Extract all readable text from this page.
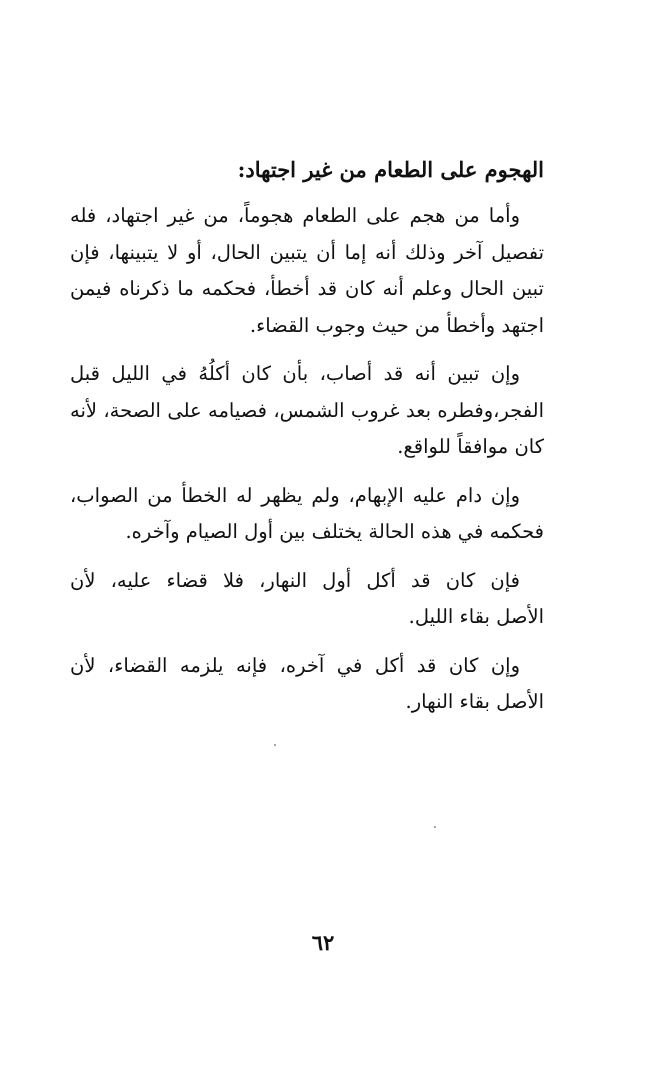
الهجوم على الطعام من غير اجتهاد:

وأما من هجم على الطعام هجوماً، من غير اجتهاد، فله
تفصيل آخر وذلك أنه إما أن يتبين الحال، أو لا يتبينها، فإن
تبين الحال وعلم أنه كان قد أخطأ، فحكمه ما ذكرناه فيمن
اجتهد وأخطأ من حيث وجوب القضاء.

وإن تبين أنه قد أصاب، بأن كان أكلُهُ في الليل قبل
الفجر،وفطره بعد غروب الشمس، فصيامه على الصحة، لأنه
كان موافقاً للواقع.

وإن دام عليه الإبهام، ولم يظهر له الخطأ من الصواب،
فحكمه في هذه الحالة يختلف بين أول الصيام وآخره.

فإن كان قد أكل أول النهار، فلا قضاء عليه، لأن
الأصل بقاء الليل.

وإن كان قد أكل في آخره، فإنه يلزمه القضاء، لأن
الأصل بقاء النهار.

٦٢
